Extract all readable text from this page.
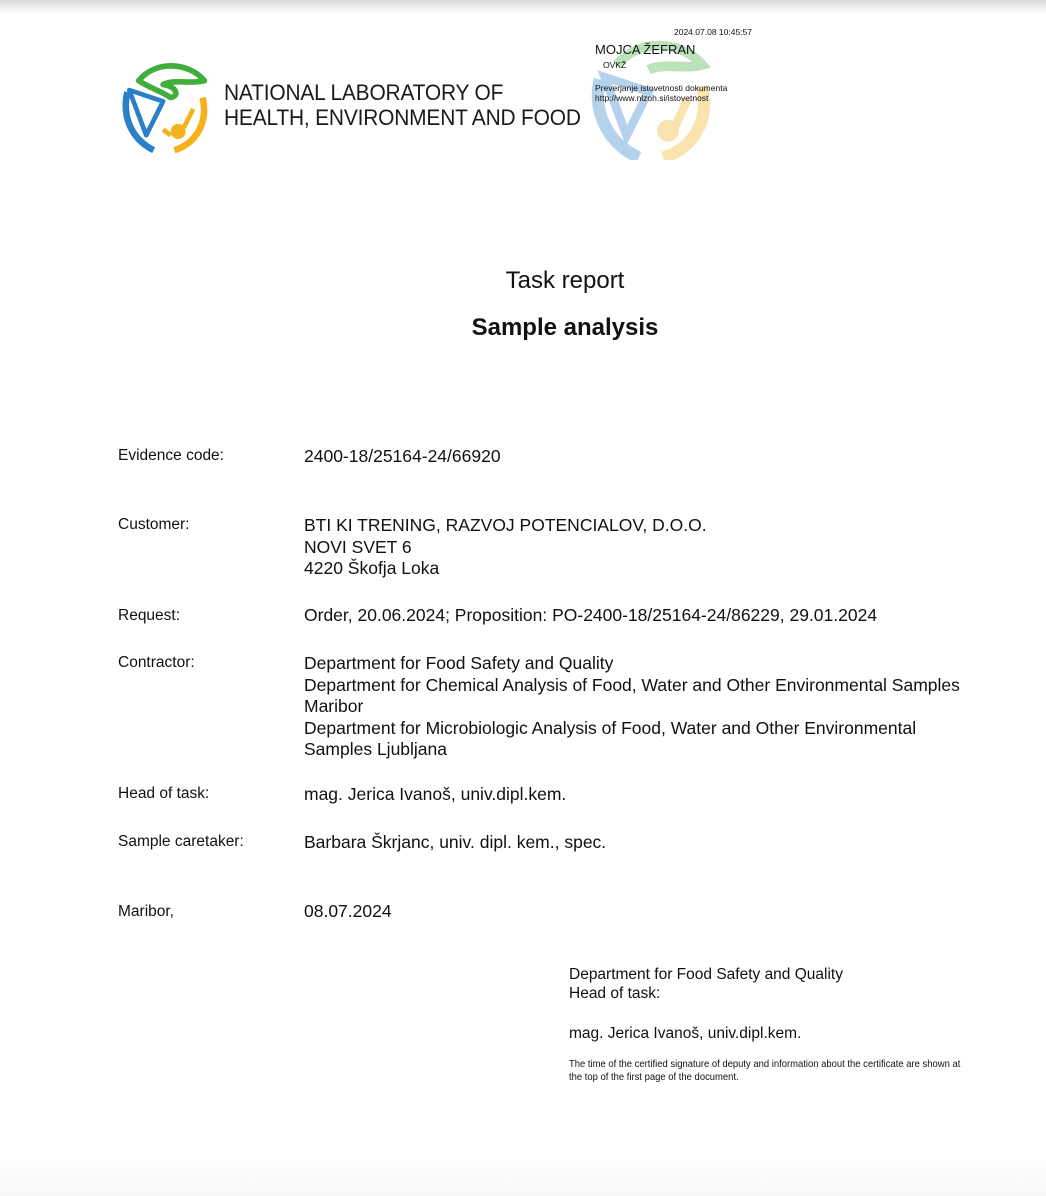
NATIONAL LABORATORY OF
HEALTH, ENVIRONMENT AND FOOD
2024.07.08 10:45:57
MOJCA ŽEFRAN
OVKŽ
Preverjanje istovetnosti dokumenta
http://www.nlzoh.si/istovetnost
Task report
Sample analysis
Evidence code:	2400-18/25164-24/66920
Customer:	BTI KI TRENING, RAZVOJ POTENCIALOV, D.O.O.
NOVI SVET 6
4220 Škofja Loka
Request:	Order, 20.06.2024; Proposition: PO-2400-18/25164-24/86229, 29.01.2024
Contractor:	Department for Food Safety and Quality
Department for Chemical Analysis of Food, Water and Other Environmental Samples
Maribor
Department for Microbiologic Analysis of Food, Water and Other Environmental
Samples Ljubljana
Head of task:	mag. Jerica Ivanoš, univ.dipl.kem.
Sample caretaker:	Barbara Škrjanc, univ. dipl. kem., spec.
Maribor,	08.07.2024
Department for Food Safety and Quality
Head of task:
mag. Jerica Ivanoš, univ.dipl.kem.
The time of the certified signature of deputy and information about the certificate are shown at
the top of the first page of the document.
